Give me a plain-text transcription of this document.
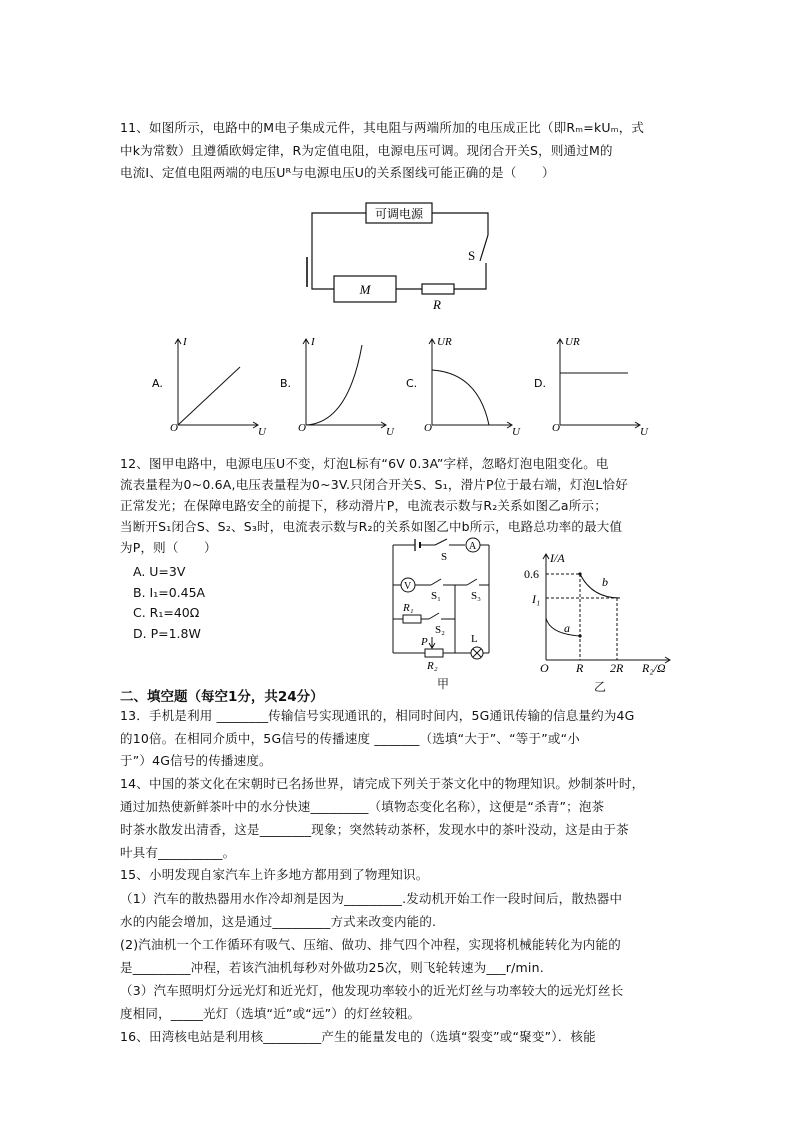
11、如图所示，电路中的M电子集成元件，其电阻与两端所加的电压成正比（即Rₘ=kUₘ，式
中k为常数）且遵循欧姆定律，R为定值电阻，电源电压可调。现闭合开关S，则通过M的
电流I、定值电阻两端的电压Uᴿ与电源电压U的关系图线可能正确的是（　　）
可调电源
S
M
R
A.
I
O	U
B.
I
O	U
C.
UR
O	U
D.
UR
O	U
12、图甲电路中，电源电压U不变，灯泡L标有“6V 0.3A”字样，忽略灯泡电阻变化。电
流表量程为0~0.6A,电压表量程为0~3V.只闭合开关S、S₁，滑片P位于最右端，灯泡L恰好
正常发光；在保障电路安全的前提下，移动滑片P，电流表示数与R₂关系如图乙a所示；
当断开S₁闭合S、S₂、S₃时，电流表示数与R₂的关系如图乙中b所示，电路总功率的最大值
为P，则（　　）
A. U=3V
B. I₁=0.45A
C. R₁=40Ω
D. P=1.8W
A
S
V
S₁	S₃
R₁
S₂
P	L
R₂
甲
I/A
0.6
I₁
b
a
O R 2R R₂/Ω
乙
二、填空题（每空1分，共24分）
13．手机是利用 ________传输信号实现通讯的，相同时间内，5G通讯传输的信息量约为4G
的10倍。在相同介质中，5G信号的传播速度 _______（选填“大于”、“等于”或“小
于”）4G信号的传播速度。
14、中国的茶文化在宋朝时已名扬世界，请完成下列关于茶文化中的物理知识。炒制茶叶时，
通过加热使新鲜茶叶中的水分快速_________（填物态变化名称），这便是“杀青”；泡茶
时茶水散发出清香，这是________现象；突然转动茶杯，发现水中的茶叶没动，这是由于茶
叶具有__________。
15、小明发现自家汽车上许多地方都用到了物理知识。
（1）汽车的散热器用水作冷却剂是因为_________.发动机开始工作一段时间后，散热器中
水的内能会增加，这是通过_________方式来改变内能的.
(2)汽油机一个工作循环有吸气、压缩、做功、排气四个冲程，实现将机械能转化为内能的
是_________冲程，若该汽油机每秒对外做功25次，则飞轮转速为___r/min.
（3）汽车照明灯分远光灯和近光灯，他发现功率较小的近光灯丝与功率较大的远光灯丝长
度相同，_____光灯（选填“近”或“远”）的灯丝较粗。
16、田湾核电站是利用核_________产生的能量发电的（选填“裂变”或“聚变”）．核能
